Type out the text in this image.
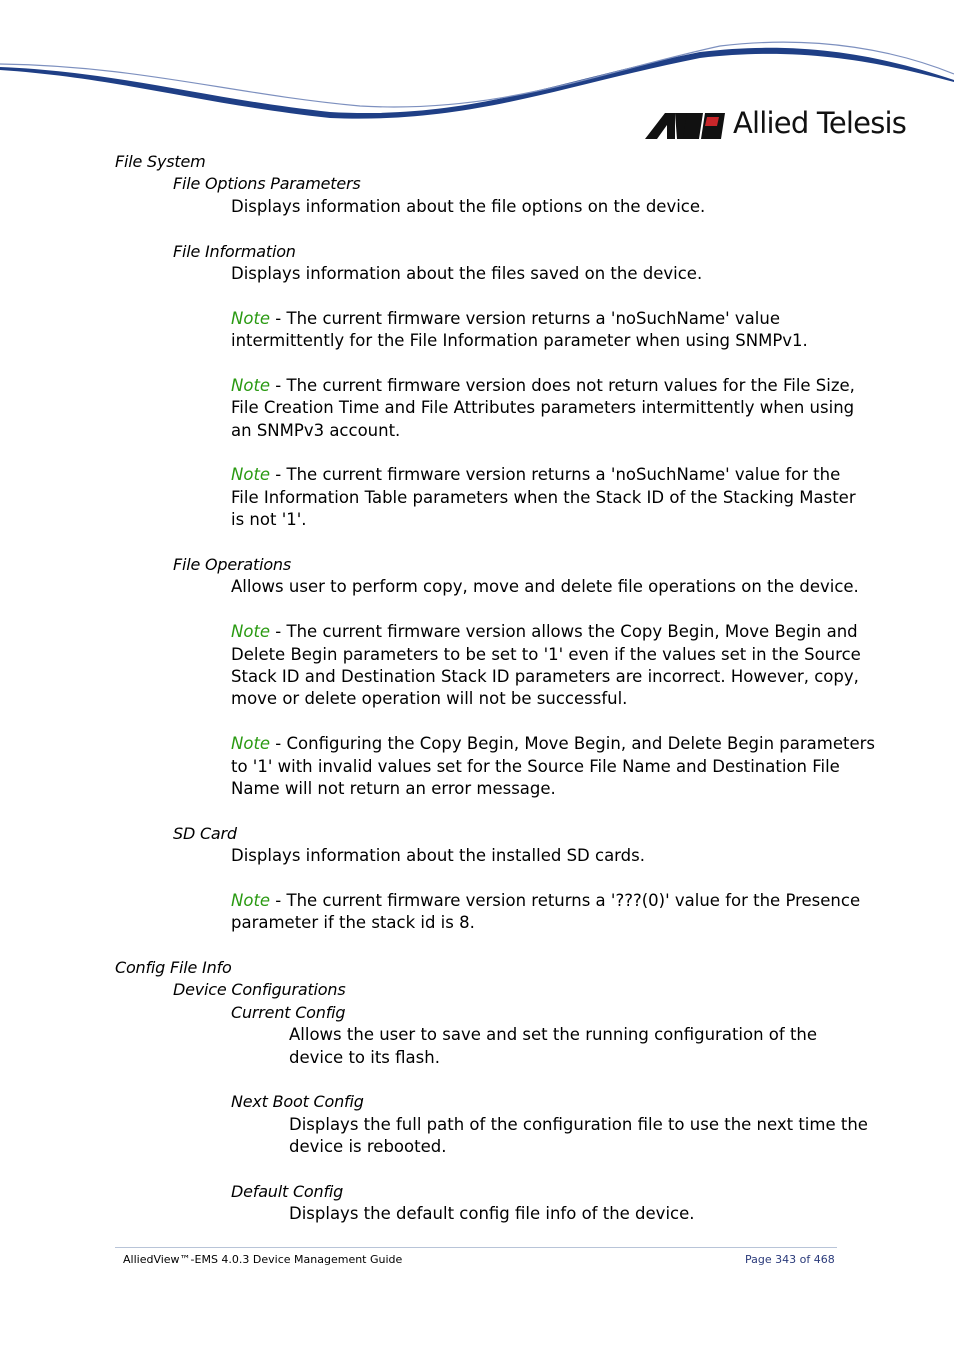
Allied Telesis
File System
File Options Parameters
Displays information about the file options on the device.
File Information
Displays information about the files saved on the device.
Note - The current firmware version returns a 'noSuchName' value
intermittently for the File Information parameter when using SNMPv1.
Note - The current firmware version does not return values for the File Size,
File Creation Time and File Attributes parameters intermittently when using
an SNMPv3 account.
Note - The current firmware version returns a 'noSuchName' value for the
File Information Table parameters when the Stack ID of the Stacking Master
is not '1'.
File Operations
Allows user to perform copy, move and delete file operations on the device.
Note - The current firmware version allows the Copy Begin, Move Begin and
Delete Begin parameters to be set to '1' even if the values set in the Source
Stack ID and Destination Stack ID parameters are incorrect. However, copy,
move or delete operation will not be successful.
Note - Configuring the Copy Begin, Move Begin, and Delete Begin parameters
to '1' with invalid values set for the Source File Name and Destination File
Name will not return an error message.
SD Card
Displays information about the installed SD cards.
Note - The current firmware version returns a '???(0)' value for the Presence
parameter if the stack id is 8.
Config File Info
Device Configurations
Current Config
Allows the user to save and set the running configuration of the
device to its flash.
Next Boot Config
Displays the full path of the configuration file to use the next time the
device is rebooted.
Default Config
Displays the default config file info of the device.
AlliedView™-EMS 4.0.3 Device Management Guide	Page 343 of 468
